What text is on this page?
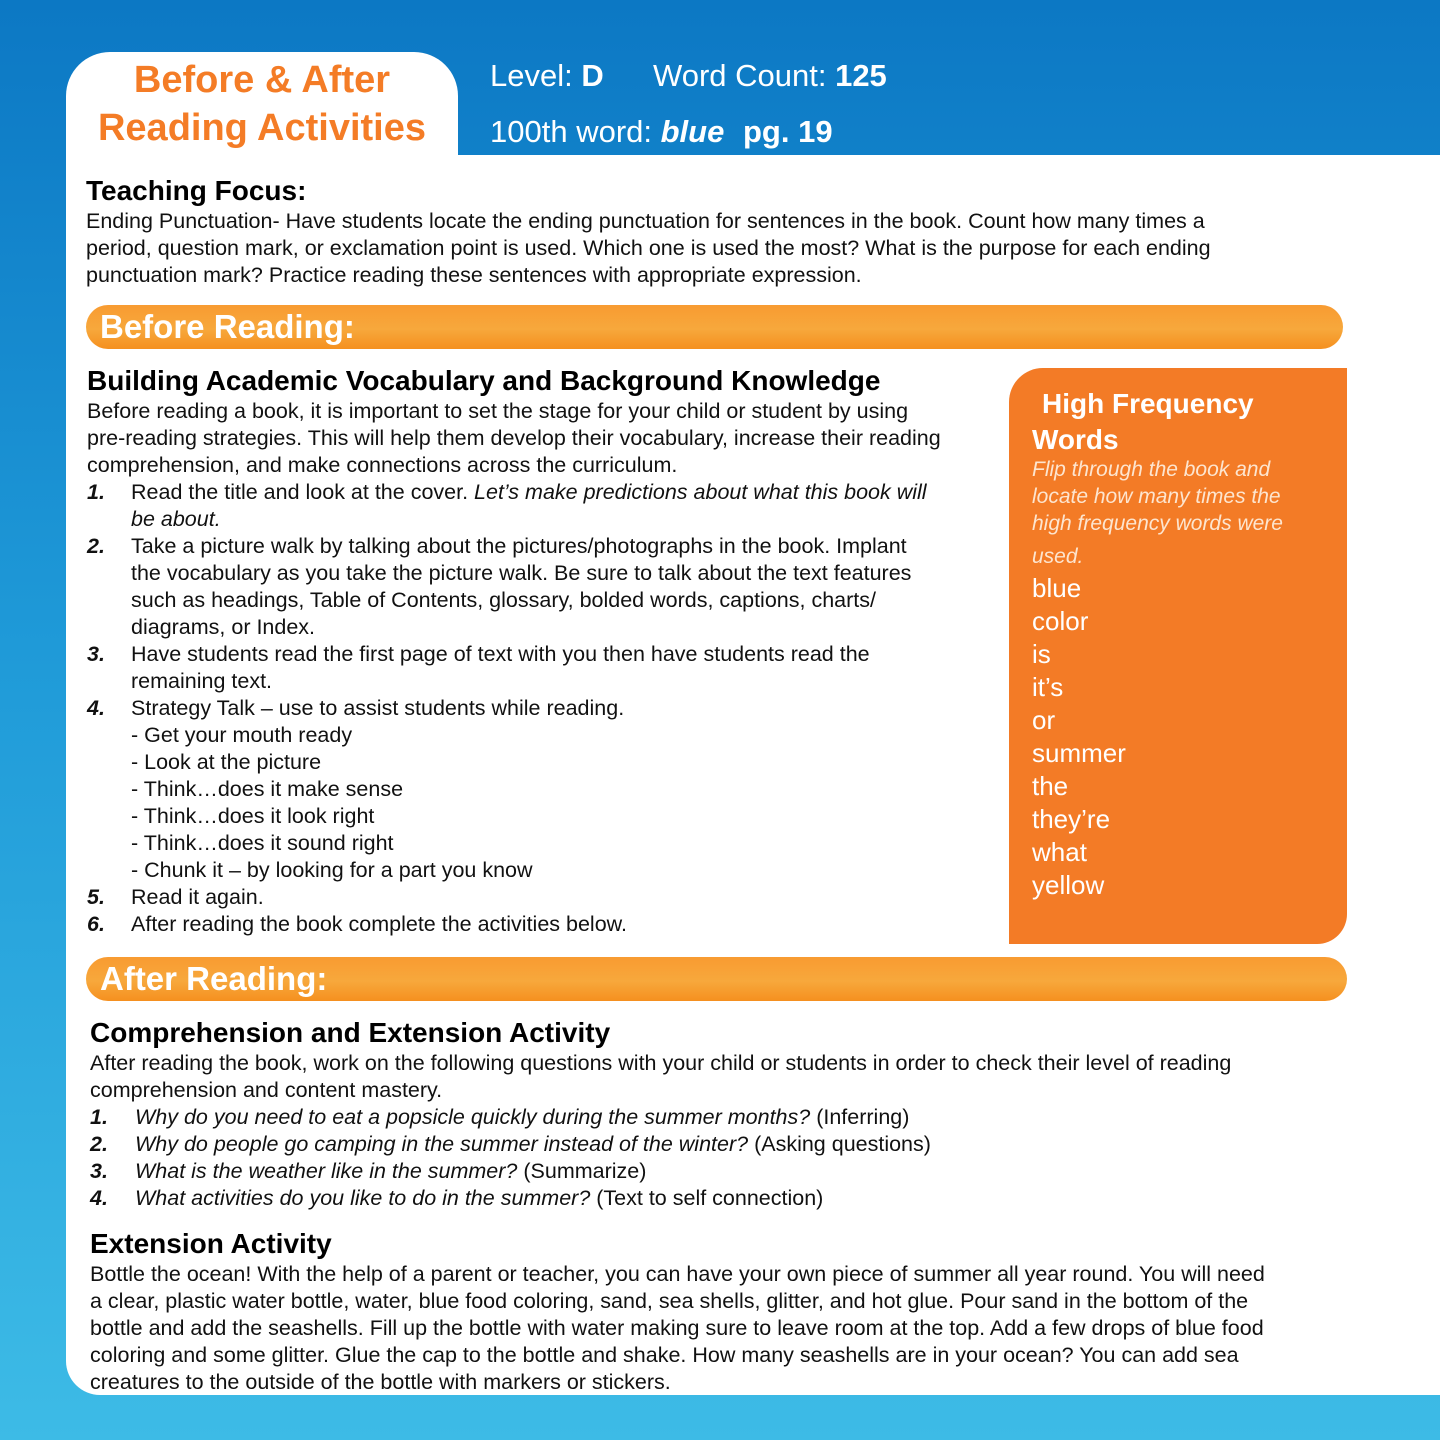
Before & After
Reading Activities
Level: D Word Count: 125
100th word: blue pg. 19
Teaching Focus:
Ending Punctuation- Have students locate the ending punctuation for sentences in the book. Count how many times a
period, question mark, or exclamation point is used. Which one is used the most? What is the purpose for each ending
punctuation mark? Practice reading these sentences with appropriate expression.
Before Reading:
Building Academic Vocabulary and Background Knowledge
Before reading a book, it is important to set the stage for your child or student by using
pre-reading strategies. This will help them develop their vocabulary, increase their reading
comprehension, and make connections across the curriculum.
1. Read the title and look at the cover. Let’s make predictions about what this book will
be about.
2. Take a picture walk by talking about the pictures/photographs in the book. Implant
the vocabulary as you take the picture walk. Be sure to talk about the text features
such as headings, Table of Contents, glossary, bolded words, captions, charts/
diagrams, or Index.
3. Have students read the first page of text with you then have students read the
remaining text.
4. Strategy Talk – use to assist students while reading.
- Get your mouth ready
- Look at the picture
- Think…does it make sense
- Think…does it look right
- Think…does it sound right
- Chunk it – by looking for a part you know
5. Read it again.
6. After reading the book complete the activities below.
High Frequency
Words
Flip through the book and
locate how many times the
high frequency words were
used.
blue
color
is
it’s
or
summer
the
they’re
what
yellow
After Reading:
Comprehension and Extension Activity
After reading the book, work on the following questions with your child or students in order to check their level of reading
comprehension and content mastery.
1. Why do you need to eat a popsicle quickly during the summer months? (Inferring)
2. Why do people go camping in the summer instead of the winter? (Asking questions)
3. What is the weather like in the summer? (Summarize)
4. What activities do you like to do in the summer? (Text to self connection)
Extension Activity
Bottle the ocean! With the help of a parent or teacher, you can have your own piece of summer all year round. You will need
a clear, plastic water bottle, water, blue food coloring, sand, sea shells, glitter, and hot glue. Pour sand in the bottom of the
bottle and add the seashells. Fill up the bottle with water making sure to leave room at the top. Add a few drops of blue food
coloring and some glitter. Glue the cap to the bottle and shake. How many seashells are in your ocean? You can add sea
creatures to the outside of the bottle with markers or stickers.
